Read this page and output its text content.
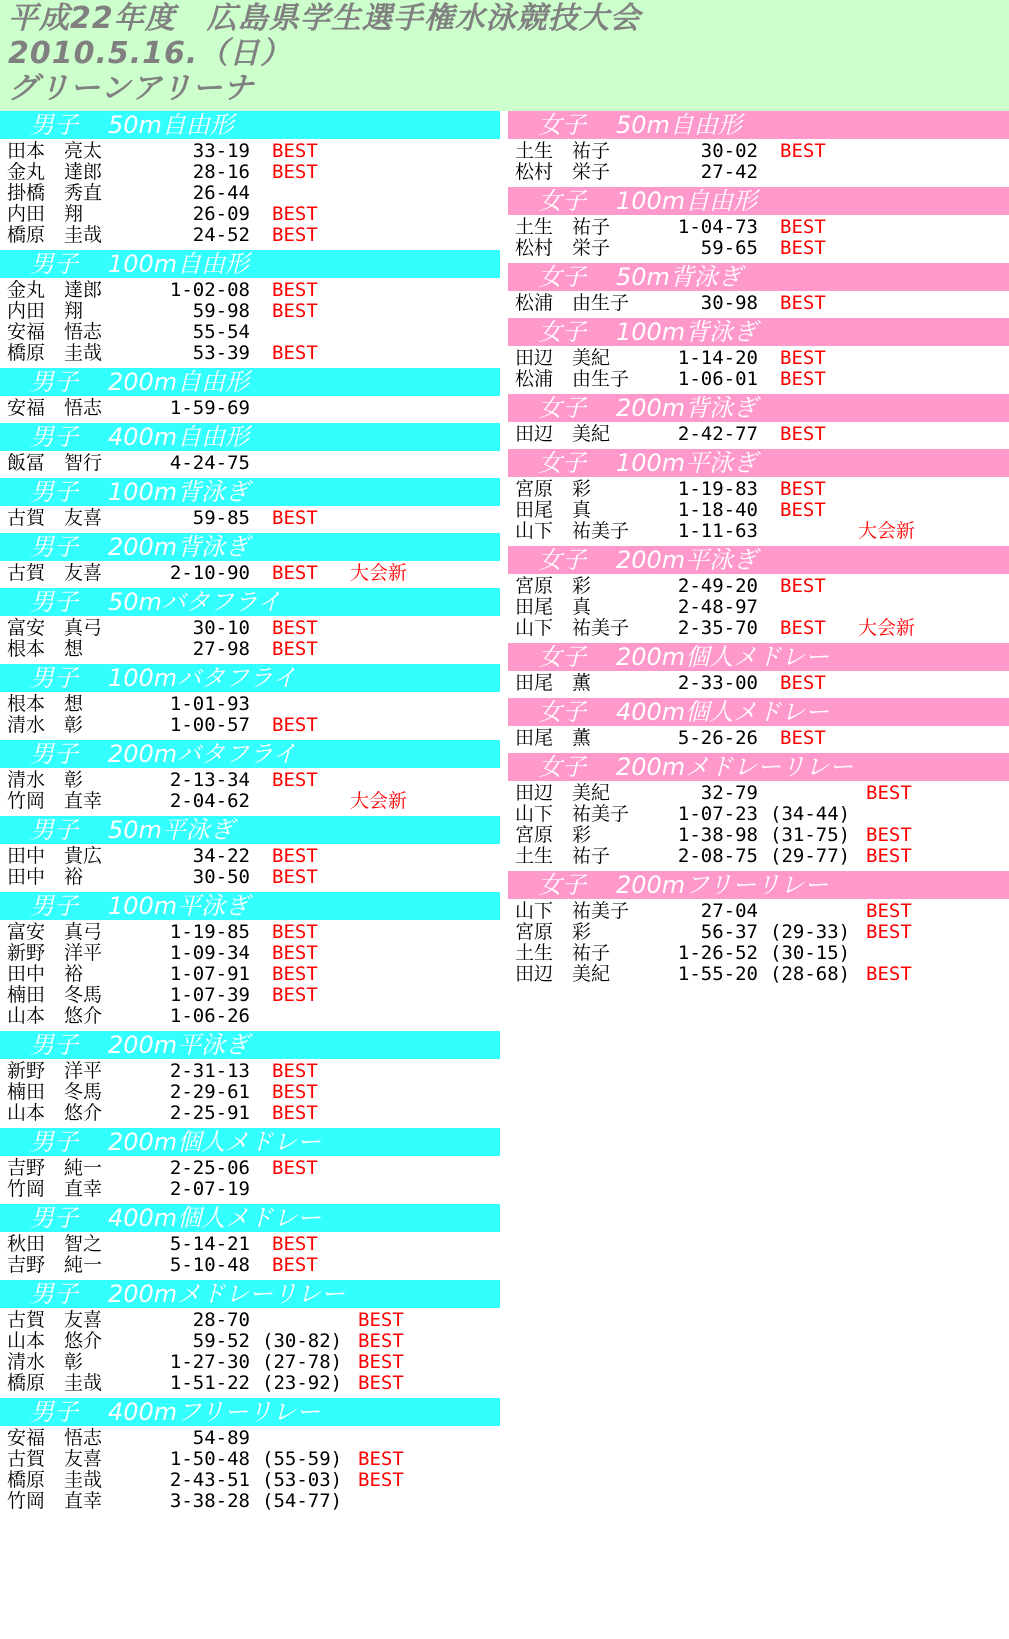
平成22年度　広島県学生選手権水泳競技大会
2010.5.16.（日）
グリーンアリーナ
男子 50m自由形
田本　亮太	33-19 BEST
金丸　達郎	28-16 BEST
掛橋　秀直	26-44
内田　翔	26-09 BEST
橋原　圭哉	24-52 BEST
男子 100m自由形
金丸　達郎	1-02-08 BEST
内田　翔	59-98 BEST
安福　悟志	55-54
橋原　圭哉	53-39 BEST
男子 200m自由形
安福　悟志	1-59-69
男子 400m自由形
飯冨　智行	4-24-75
男子 100m背泳ぎ
古賀　友喜	59-85 BEST
男子 200m背泳ぎ
古賀　友喜	2-10-90 BEST 大会新
男子 50mバタフライ
富安　真弓	30-10 BEST
根本　想	27-98 BEST
男子 100mバタフライ
根本　想	1-01-93
清水　彰	1-00-57 BEST
男子 200mバタフライ
清水　彰	2-13-34 BEST
竹岡　直幸	2-04-62	大会新
男子 50m平泳ぎ
田中　貴広	34-22 BEST
田中　裕	30-50 BEST
男子 100m平泳ぎ
富安　真弓	1-19-85 BEST
新野　洋平	1-09-34 BEST
田中　裕	1-07-91 BEST
楠田　冬馬	1-07-39 BEST
山本　悠介	1-06-26
男子 200m平泳ぎ
新野　洋平	2-31-13 BEST
楠田　冬馬	2-29-61 BEST
山本　悠介	2-25-91 BEST
男子 200m個人メドレー
吉野　純一	2-25-06 BEST
竹岡　直幸	2-07-19
男子 400m個人メドレー
秋田　智之	5-14-21 BEST
吉野　純一	5-10-48 BEST
男子 200mメドレーリレー
古賀　友喜	28-70	BEST
山本　悠介	59-52 (30-82) BEST
清水　彰	1-27-30 (27-78) BEST
橋原　圭哉	1-51-22 (23-92) BEST
男子 400mフリーリレー
安福　悟志	54-89
古賀　友喜	1-50-48 (55-59) BEST
橋原　圭哉	2-43-51 (53-03) BEST
竹岡　直幸	3-38-28 (54-77)
女子 50m自由形
土生　祐子	30-02 BEST
松村　栄子	27-42
女子 100m自由形
土生　祐子	1-04-73 BEST
松村　栄子	59-65 BEST
女子 50m背泳ぎ
松浦　由生子	30-98 BEST
女子 100m背泳ぎ
田辺　美紀	1-14-20 BEST
松浦　由生子	1-06-01 BEST
女子 200m背泳ぎ
田辺　美紀	2-42-77 BEST
女子 100m平泳ぎ
宮原　彩	1-19-83 BEST
田尾　真	1-18-40 BEST
山下　祐美子	1-11-63	大会新
女子 200m平泳ぎ
宮原　彩	2-49-20 BEST
田尾　真	2-48-97
山下　祐美子	2-35-70 BEST 大会新
女子 200m個人メドレー
田尾　薫	2-33-00 BEST
女子 400m個人メドレー
田尾　薫	5-26-26 BEST
女子 200mメドレーリレー
田辺　美紀	32-79	BEST
山下　祐美子	1-07-23 (34-44)
宮原　彩	1-38-98 (31-75) BEST
土生　祐子	2-08-75 (29-77) BEST
女子 200mフリーリレー
山下　祐美子	27-04	BEST
宮原　彩	56-37 (29-33) BEST
土生　祐子	1-26-52 (30-15)
田辺　美紀	1-55-20 (28-68) BEST
